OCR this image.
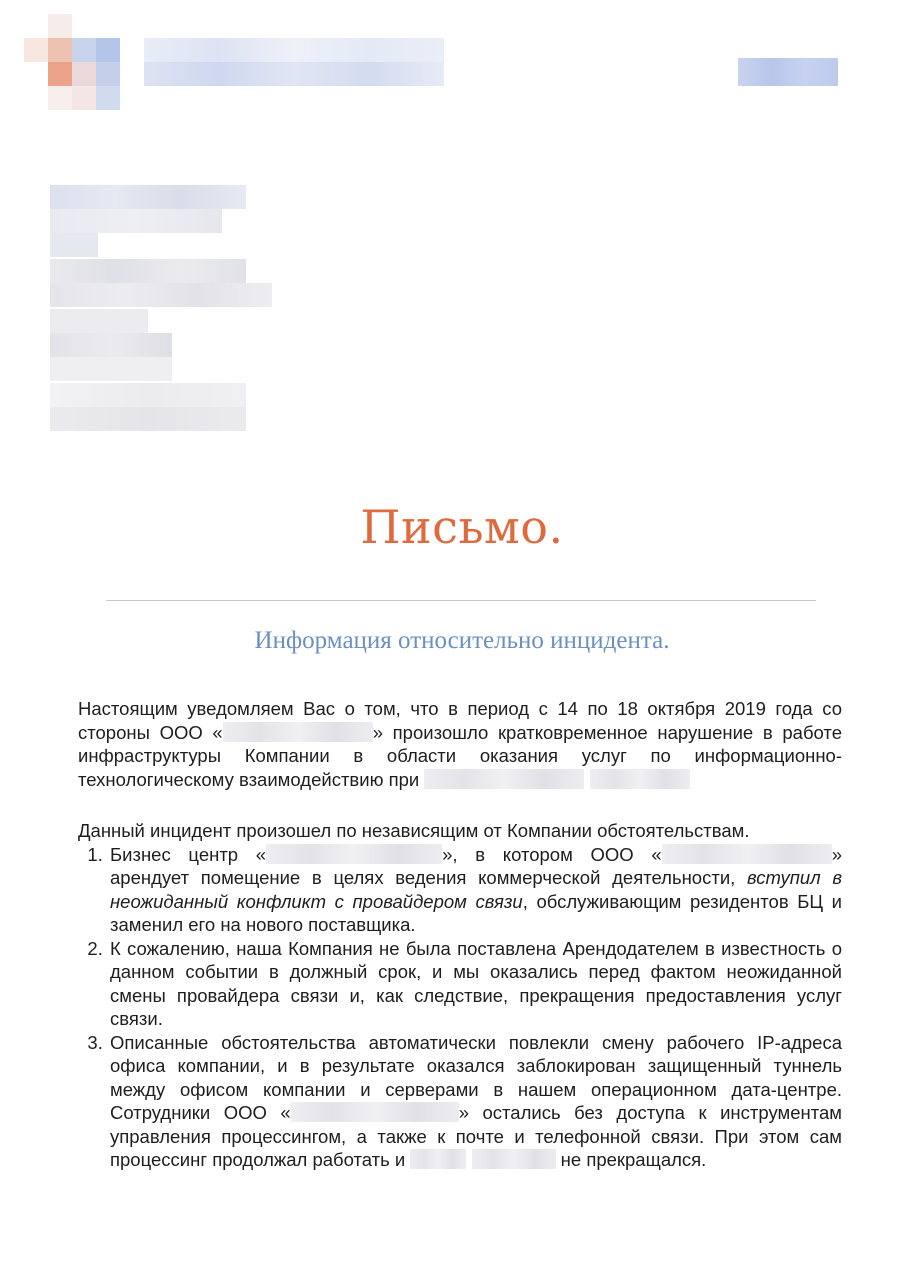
Письмо.
Информация относительно инцидента.

Настоящим уведомляем Вас о том, что в период с 14 по 18 октября 2019 года со стороны ООО «	» произошло кратковременное нарушение в работе инфраструктуры Компании в области оказания услуг по информационно-технологическому взаимодействию при

Данный инцидент произошел по независящим от Компании обстоятельствам.

1. Бизнес центр «	», в котором ООО «	» арендует помещение в целях ведения коммерческой деятельности, вступил в неожиданный конфликт с провайдером связи, обслуживающим резидентов БЦ и заменил его на нового поставщика.
2. К сожалению, наша Компания не была поставлена Арендодателем в известность о данном событии в должный срок, и мы оказались перед фактом неожиданной смены провайдера связи и, как следствие, прекращения предоставления услуг связи.
3. Описанные обстоятельства автоматически повлекли смену рабочего IP-адреса офиса компании, и в результате оказался заблокирован защищенный туннель между офисом компании и серверами в нашем операционном дата-центре. Сотрудники ООО «	» остались без доступа к инструментам управления процессингом, а также к почте и телефонной связи. При этом сам процессинг продолжал работать и	не прекращался.
